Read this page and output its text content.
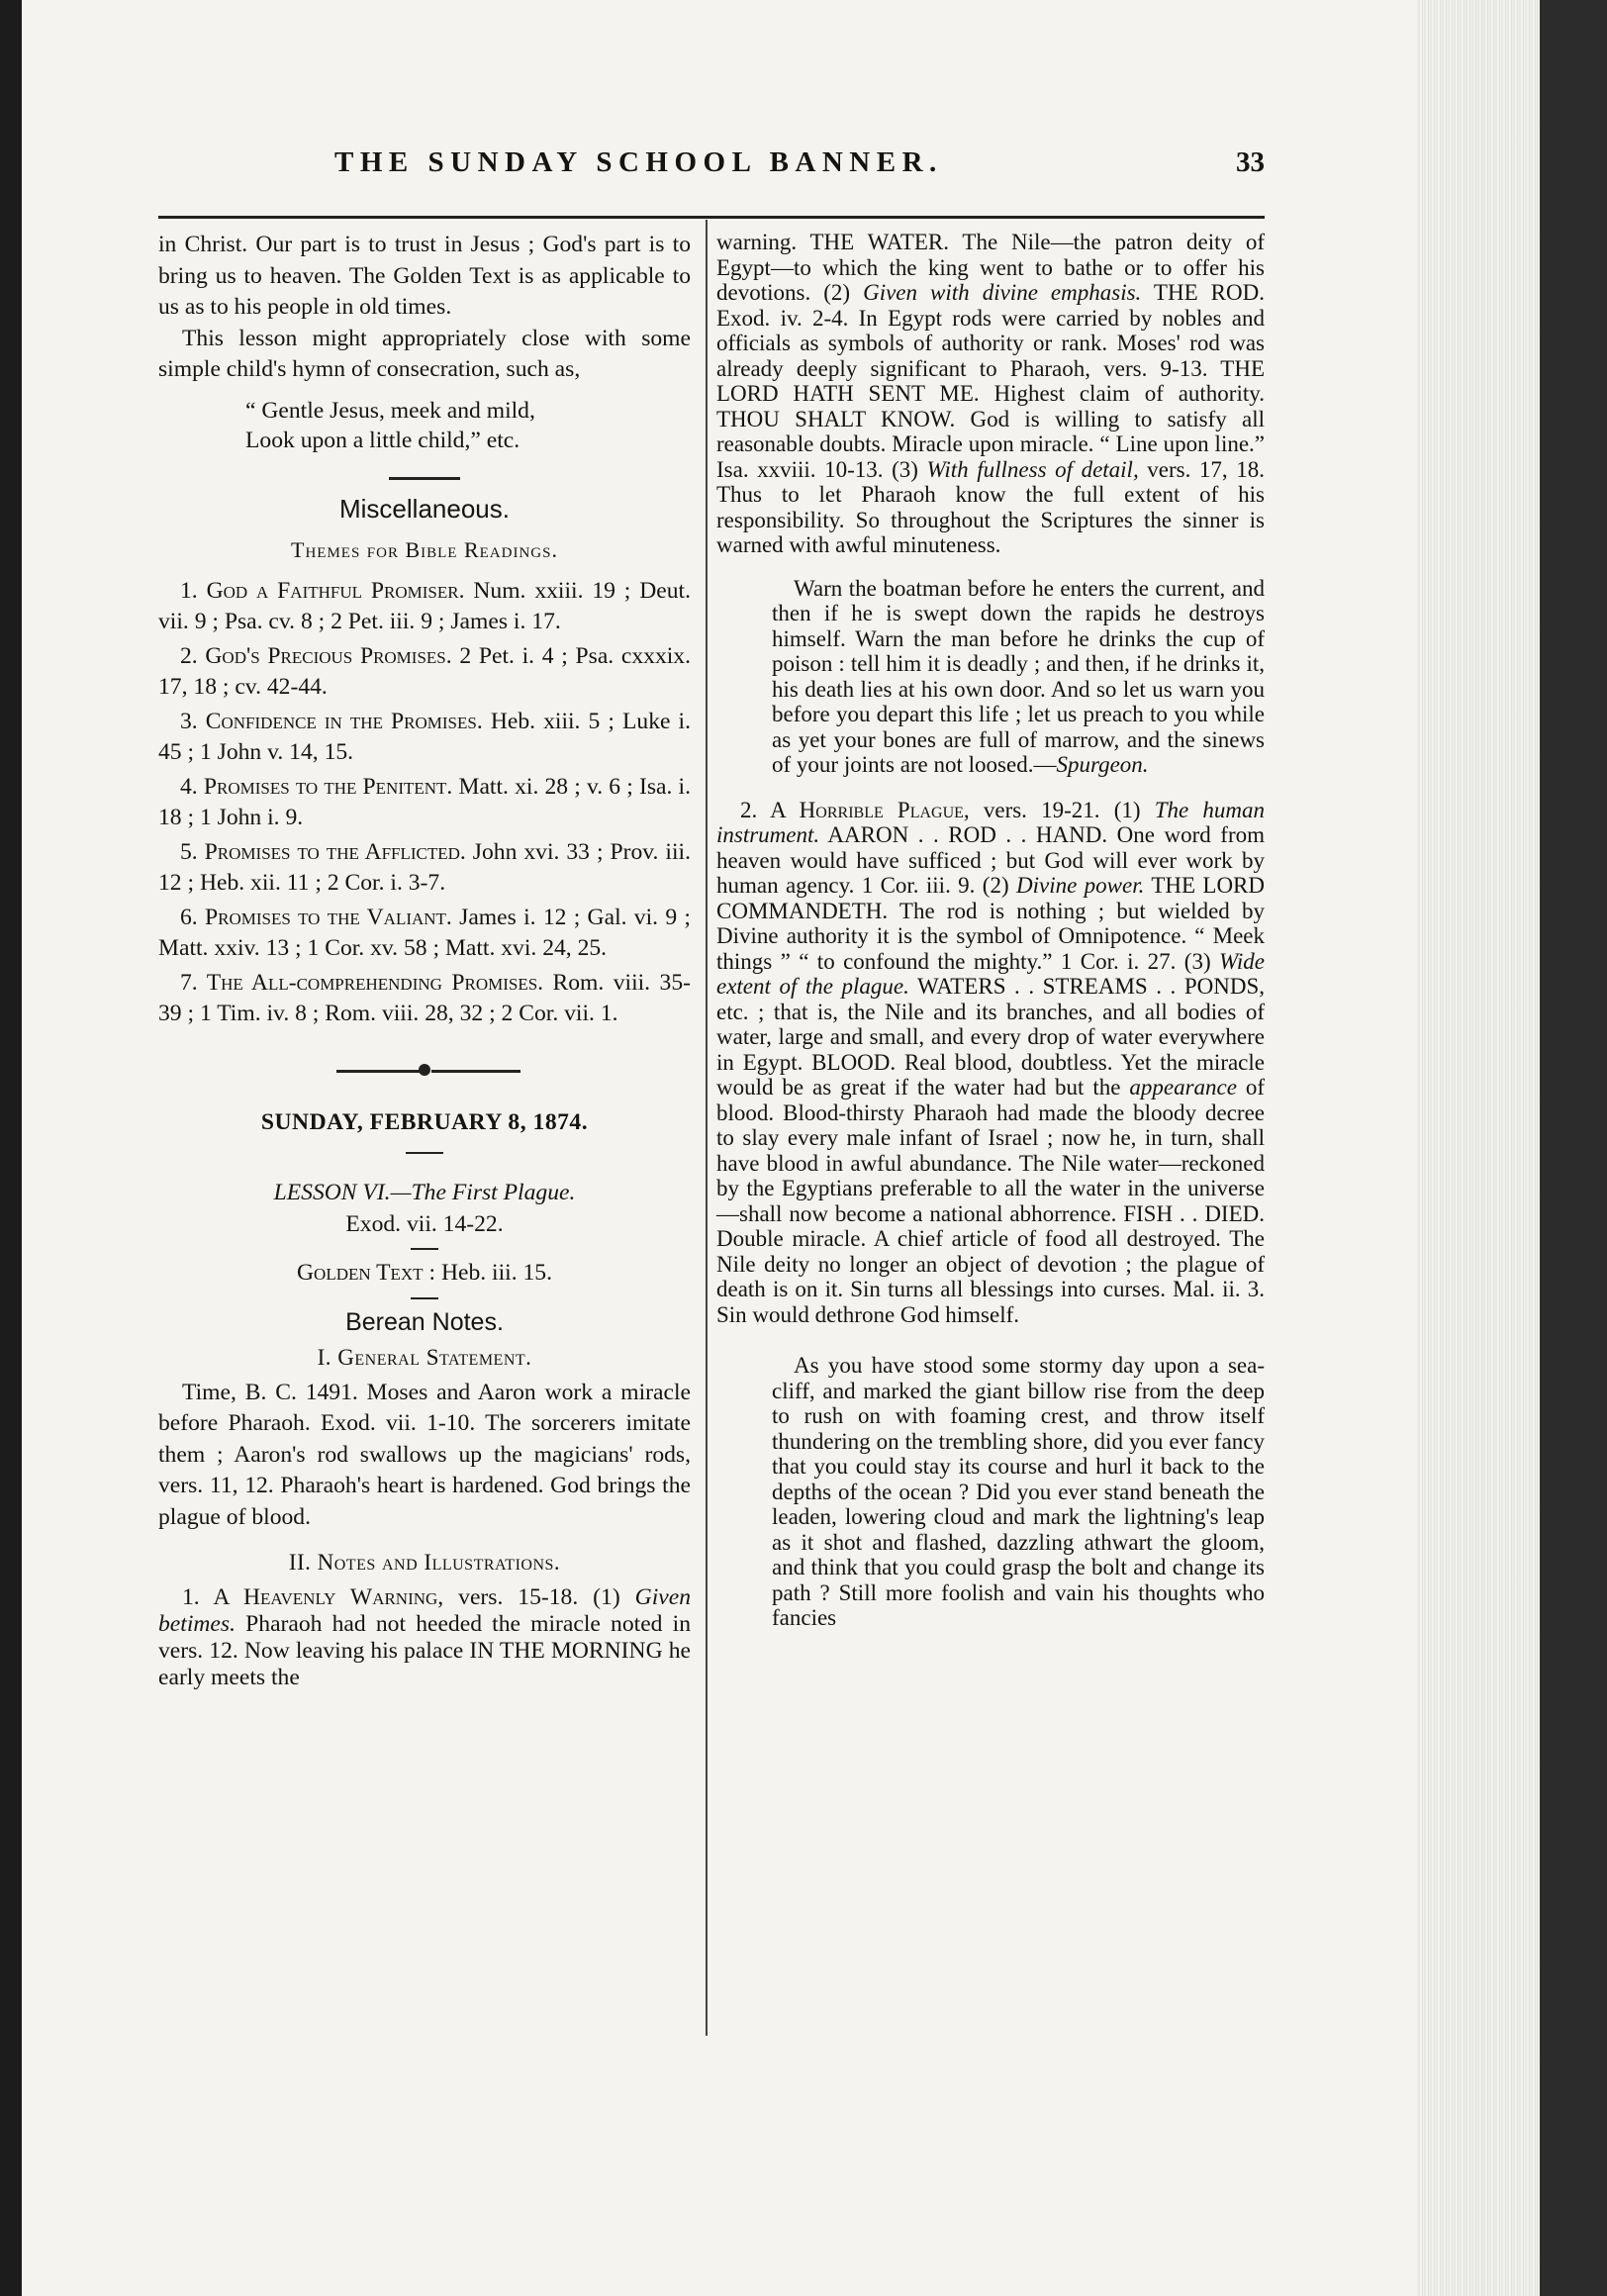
THE SUNDAY SCHOOL BANNER.	33

in Christ. Our part is to trust in Jesus ; God's part is to bring us to heaven. The Golden Text is as applicable to us as to his people in old times.

This lesson might appropriately close with some simple child's hymn of consecration, such as,

“ Gentle Jesus, meek and mild,
Look upon a little child,” etc.
Miscellaneous.
Themes for Bible Readings.

1. God a Faithful Promiser. Num. xxiii. 19 ; Deut. vii. 9 ; Psa. cv. 8 ; 2 Pet. iii. 9 ; James i. 17.

2. God's Precious Promises. 2 Pet. i. 4 ; Psa. cxxxix. 17, 18 ; cv. 42-44.

3. Confidence in the Promises. Heb. xiii. 5 ; Luke i. 45 ; 1 John v. 14, 15.

4. Promises to the Penitent. Matt. xi. 28 ; v. 6 ; Isa. i. 18 ; 1 John i. 9.

5. Promises to the Afflicted. John xvi. 33 ; Prov. iii. 12 ; Heb. xii. 11 ; 2 Cor. i. 3-7.

6. Promises to the Valiant. James i. 12 ; Gal. vi. 9 ; Matt. xxiv. 13 ; 1 Cor. xv. 58 ; Matt. xvi. 24, 25.

7. The All-comprehending Promises. Rom. viii. 35-39 ; 1 Tim. iv. 8 ; Rom. viii. 28, 32 ; 2 Cor. vii. 1.

SUNDAY, FEBRUARY 8, 1874.
LESSON VI.—The First Plague.
Exod. vii. 14-22.
Golden Text : Heb. iii. 15.
Berean Notes.
I. General Statement.

Time, B. C. 1491. Moses and Aaron work a miracle before Pharaoh. Exod. vii. 1-10. The sorcerers imitate them ; Aaron's rod swallows up the magicians' rods, vers. 11, 12. Pharaoh's heart is hardened. God brings the plague of blood.

II. Notes and Illustrations.

1. A Heavenly Warning, vers. 15-18. (1) Given betimes. Pharaoh had not heeded the miracle noted in vers. 12. Now leaving his palace IN THE MORNING he early meets the

warning. THE WATER. The Nile—the patron deity of Egypt—to which the king went to bathe or to offer his devotions. (2) Given with divine emphasis. THE ROD. Exod. iv. 2-4. In Egypt rods were carried by nobles and officials as symbols of authority or rank. Moses' rod was already deeply significant to Pharaoh, vers. 9-13. THE LORD HATH SENT ME. Highest claim of authority. THOU SHALT KNOW. God is willing to satisfy all reasonable doubts. Miracle upon miracle. “ Line upon line.” Isa. xxviii. 10-13. (3) With fullness of detail, vers. 17, 18. Thus to let Pharaoh know the full extent of his responsibility. So throughout the Scriptures the sinner is warned with awful minuteness.

Warn the boatman before he enters the current, and then if he is swept down the rapids he destroys himself. Warn the man before he drinks the cup of poison : tell him it is deadly ; and then, if he drinks it, his death lies at his own door. And so let us warn you before you depart this life ; let us preach to you while as yet your bones are full of marrow, and the sinews of your joints are not loosed.—Spurgeon.

2. A Horrible Plague, vers. 19-21. (1) The human instrument. AARON . . ROD . . HAND. One word from heaven would have sufficed ; but God will ever work by human agency. 1 Cor. iii. 9. (2) Divine power. THE LORD COMMANDETH. The rod is nothing ; but wielded by Divine authority it is the symbol of Omnipotence. “ Meek things ” “ to confound the mighty.” 1 Cor. i. 27. (3) Wide extent of the plague. WATERS . . STREAMS . . PONDS, etc. ; that is, the Nile and its branches, and all bodies of water, large and small, and every drop of water everywhere in Egypt. BLOOD. Real blood, doubtless. Yet the miracle would be as great if the water had but the appearance of blood. Blood-thirsty Pharaoh had made the bloody decree to slay every male infant of Israel ; now he, in turn, shall have blood in awful abundance. The Nile water—reckoned by the Egyptians preferable to all the water in the universe—shall now become a national abhorrence. FISH . . DIED. Double miracle. A chief article of food all destroyed. The Nile deity no longer an object of devotion ; the plague of death is on it. Sin turns all blessings into curses. Mal. ii. 3. Sin would dethrone God himself.

As you have stood some stormy day upon a sea-cliff, and marked the giant billow rise from the deep to rush on with foaming crest, and throw itself thundering on the trembling shore, did you ever fancy that you could stay its course and hurl it back to the depths of the ocean ? Did you ever stand beneath the leaden, lowering cloud and mark the lightning's leap as it shot and flashed, dazzling athwart the gloom, and think that you could grasp the bolt and change its path ? Still more foolish and vain his thoughts who fancies
